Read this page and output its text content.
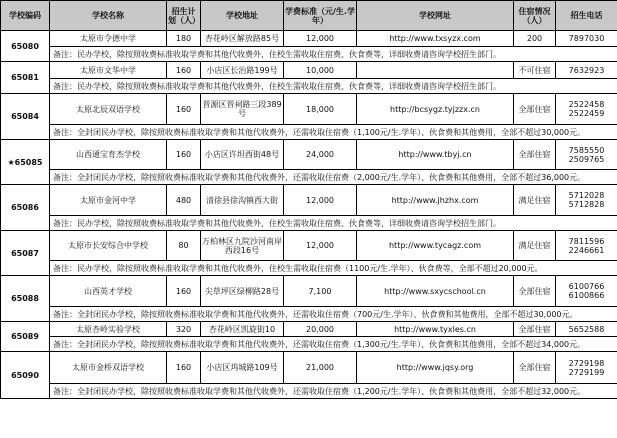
学校编码	学校名称	招生计划（人）	学校地址	学费标准（元/生.学年）	学校网址	住宿情况（人）	招生电话
65080	太原市令德中学	180	杏花岭区解放路85号	12,000	http://www.txsyzx.com	200	7897030

	备注：民办学校，除按照收费标准收取学费和其他代收费外，住校生需收取住宿费、伙食费等，详细收费请咨询学校招生部门。						
65081	太原市文华中学	160	小店区长治路199号	10,000		不可住宿	7632923

	备注：民办学校，除按照收费标准收取学费和其他代收费外，住校生需收取住宿费、伙食费等，详细收费请咨询学校招生部门。						
65084	太原北辰双语学校	160	晋源区晋祠路三段389号	18,000	http://bcsygz.tyjzzx.cn	全部住宿	2522458
2522459

	备注：全封闭民办学校，除按照收费标准收取学费和其他代收费外，还需收取住宿费（1,100元/生.学年）、伙食费和其他费用，全部不超过30,000元。						
★65085	山西通宝育杰学校	160	小店区许坦西街48号	24,000	http://www.tbyj.cn	全部住宿	7585550
2509765

	备注：全封闭民办学校，除按照收费标准收取学费和其他代收费外，还需收取住宿费（2,000元/生.学年）、伙食费和其他费用，全部不超过36,000元。						
65086	太原市金河中学	480	清徐县徐沟镇西大街	12,000	http://www.jhzhx.com	满足住宿	5712028
5712828

	备注：民办学校，除按照收费标准收取学费和其他代收费外，住校生需收取住宿费、伙食费等，详细收费请咨询学校招生部门。						
65087	太原市长安综合中学校	80	万柏林区九院沙河南岸西段16号	12,000	http://www.tycagz.com	满足住宿	7811596
2246661

	备注：民办学校，除按照收费标准收取学费和其他代收费外，住校生需收取住宿费（1100元/生.学年）、伙食费等，全部不超过20,000元。						
65088	山西英才学校	160	尖草坪区绿柳路28号	7,100	http://www.sxycschool.cn	全部住宿	6100766
6100866

	备注：全封闭民办学校，除按照收费标准收取学费和其他代收费外，还需收取住宿费（700元/生.学年）、伙食费和其他费用，全部不超过30,000元。						
65089	太原杏岭实验学校	320	杏花岭区凯旋街10	20,000	http://www.tyxles.cn	全部住宿	5652588

	备注：全封闭民办学校，除按照收费标准收取学费和其他代收费外，还需收取住宿费（1,300元/生.学年）、伙食费和其他费用，全部不超过34,000元。						
65090	太原市金桥双语学校	160	小店区坞城路109号	21,000	http://www.jqsy.org	全部住宿	2729198
2729199

	备注：全封闭民办学校，除按照收费标准收取学费和其他代收费外，还需收取住宿费（1,200元/生.学年）、伙食费和其他费用，全部不超过32,000元。						
